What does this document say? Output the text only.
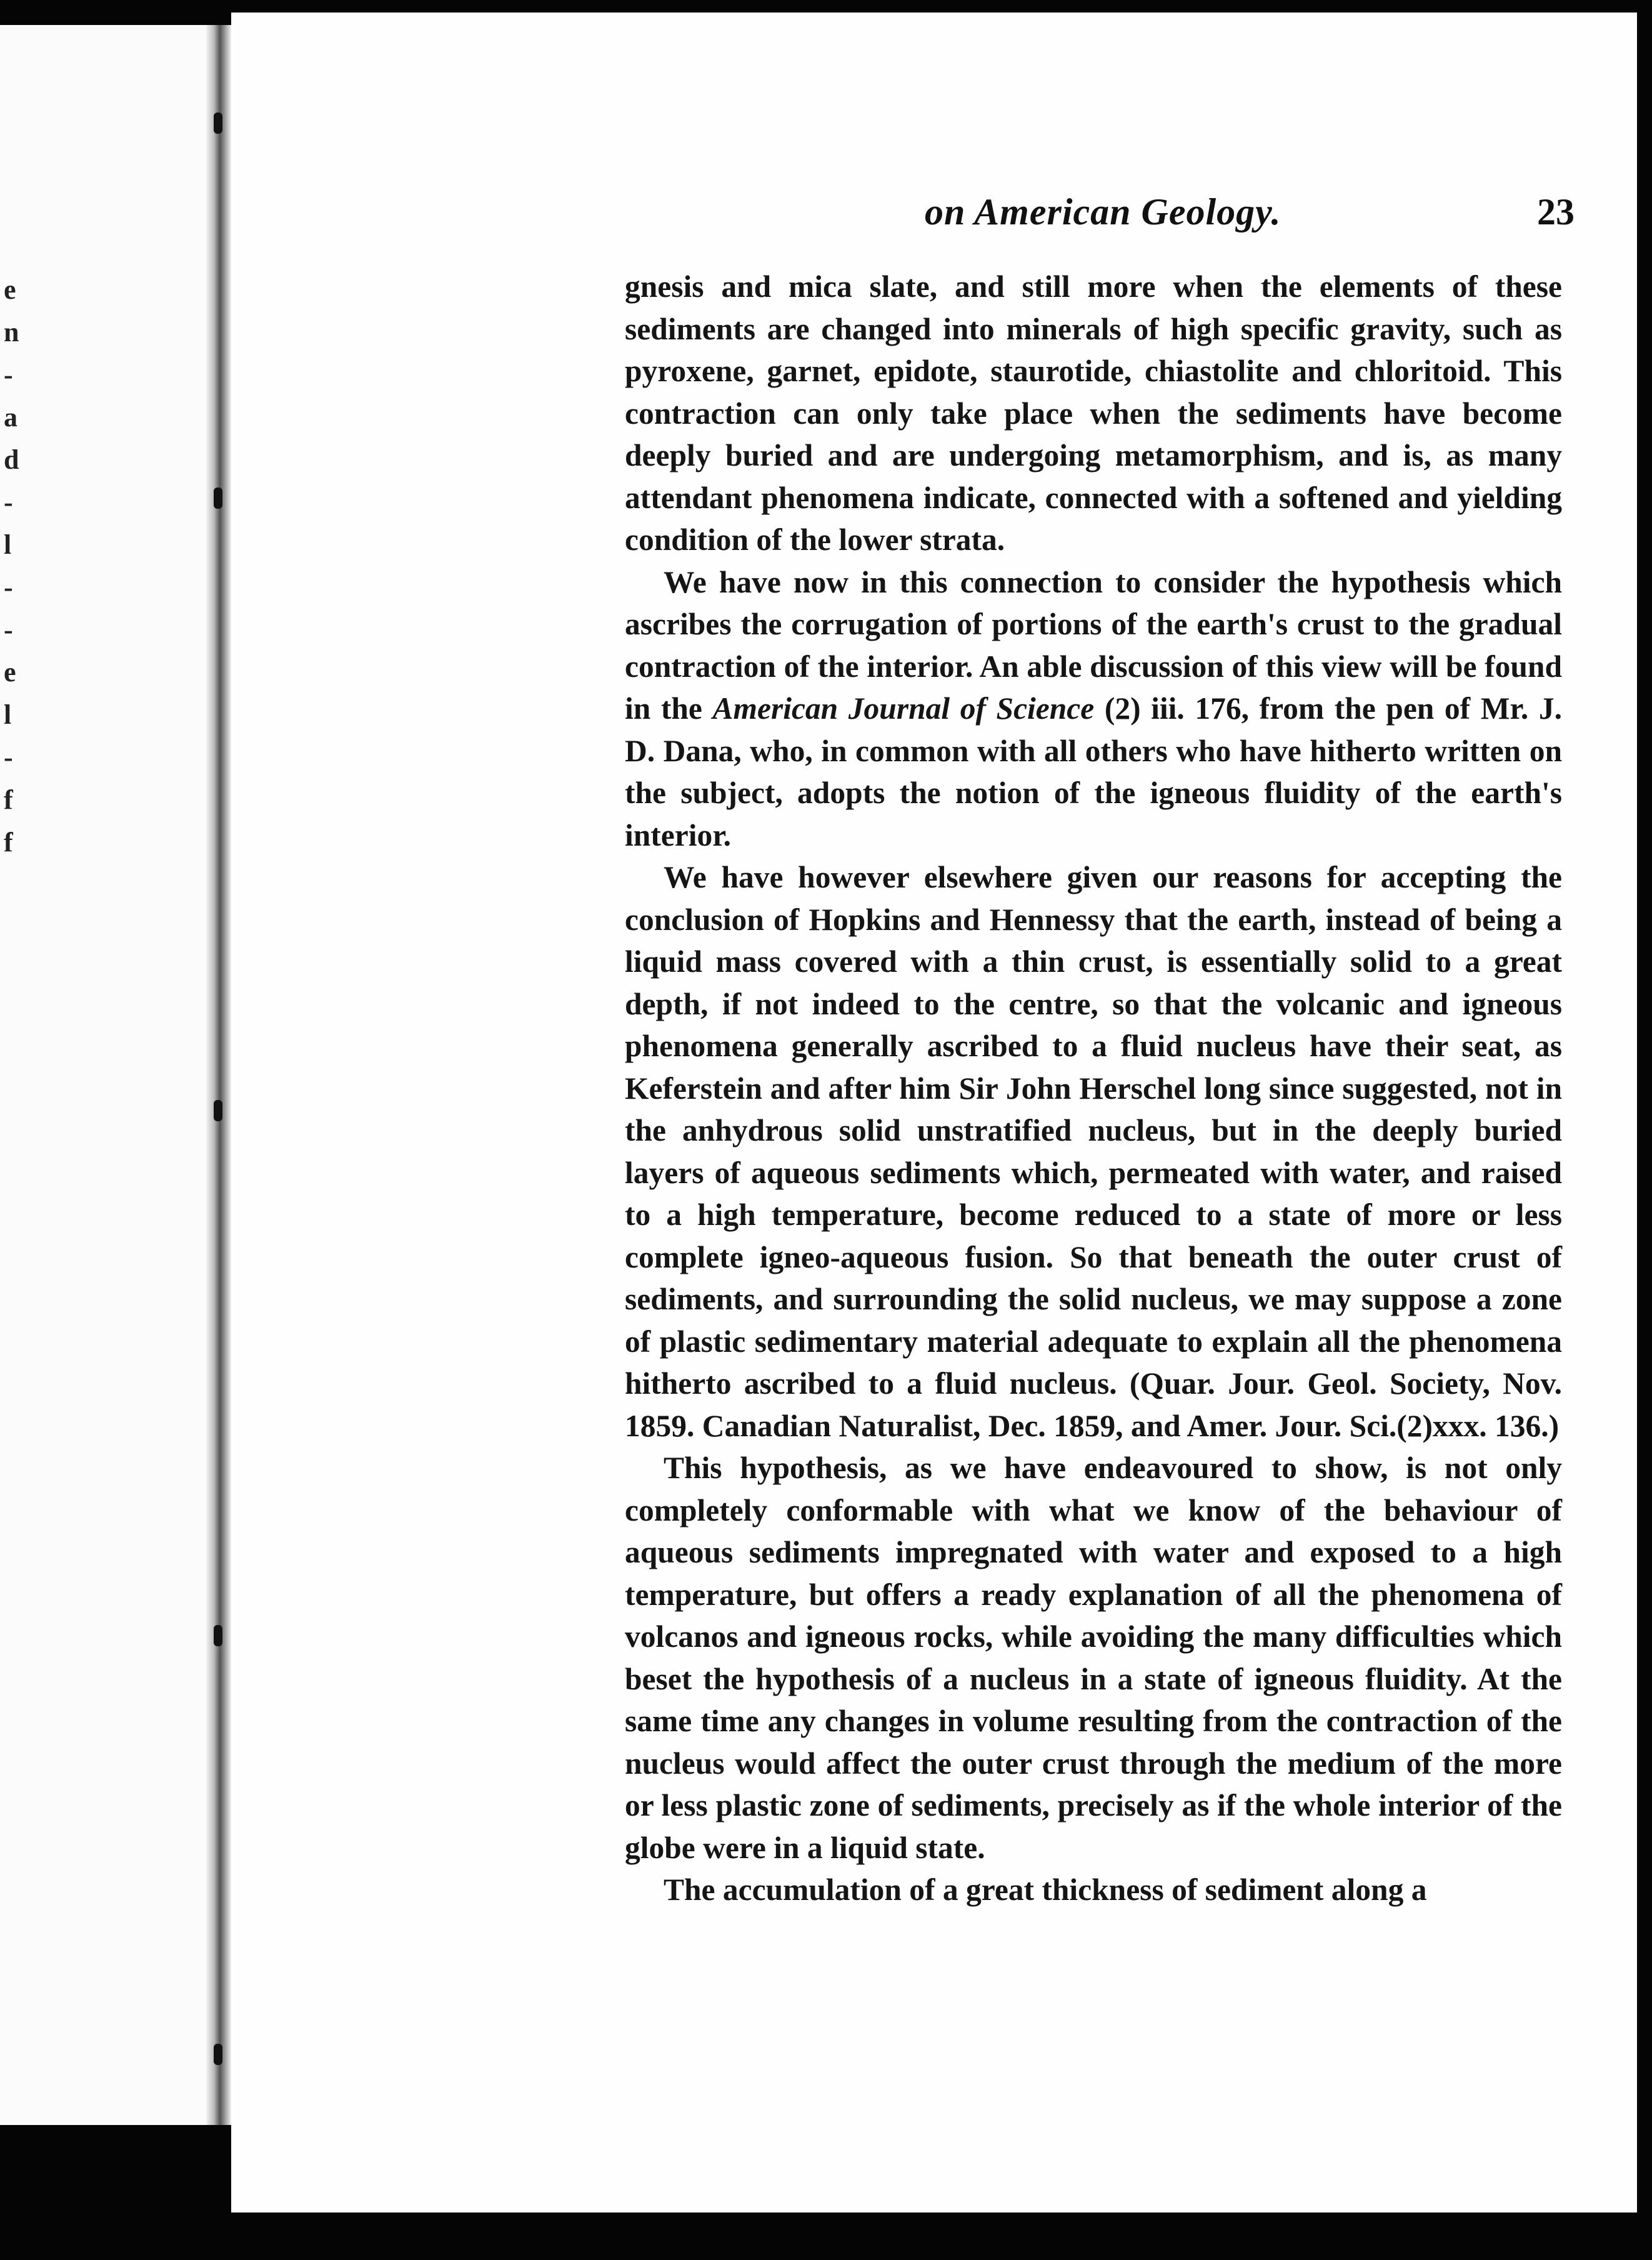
e
n
-
a
d
-
l
-
-
e
l
-
f
f
on American Geology.	23

gnesis and mica slate, and still more when the elements of these sediments are changed into minerals of high specific gravity, such as pyroxene, garnet, epidote, staurotide, chiastolite and chloritoid. This contraction can only take place when the sediments have become deeply buried and are undergoing metamorphism, and is, as many attendant phenomena indicate, connected with a softened and yielding condition of the lower strata.

We have now in this connection to consider the hypothesis which ascribes the corrugation of portions of the earth's crust to the gradual contraction of the interior. An able discussion of this view will be found in the American Journal of Science (2) iii. 176, from the pen of Mr. J. D. Dana, who, in common with all others who have hitherto written on the subject, adopts the notion of the igneous fluidity of the earth's interior.

We have however elsewhere given our reasons for accepting the conclusion of Hopkins and Hennessy that the earth, instead of being a liquid mass covered with a thin crust, is essentially solid to a great depth, if not indeed to the centre, so that the volcanic and igneous phenomena generally ascribed to a fluid nucleus have their seat, as Keferstein and after him Sir John Herschel long since suggested, not in the anhydrous solid unstratified nucleus, but in the deeply buried layers of aqueous sediments which, permeated with water, and raised to a high temperature, become reduced to a state of more or less complete igneo-aqueous fusion. So that beneath the outer crust of sediments, and surrounding the solid nucleus, we may suppose a zone of plastic sedimentary material adequate to explain all the phenomena hitherto ascribed to a fluid nucleus. (Quar. Jour. Geol. Society, Nov. 1859. Canadian Naturalist, Dec. 1859, and Amer. Jour. Sci.(2)xxx. 136.)

This hypothesis, as we have endeavoured to show, is not only completely conformable with what we know of the behaviour of aqueous sediments impregnated with water and exposed to a high temperature, but offers a ready explanation of all the phenomena of volcanos and igneous rocks, while avoiding the many difficulties which beset the hypothesis of a nucleus in a state of igneous fluidity. At the same time any changes in volume resulting from the contraction of the nucleus would affect the outer crust through the medium of the more or less plastic zone of sediments, precisely as if the whole interior of the globe were in a liquid state.

The accumulation of a great thickness of sediment along a
